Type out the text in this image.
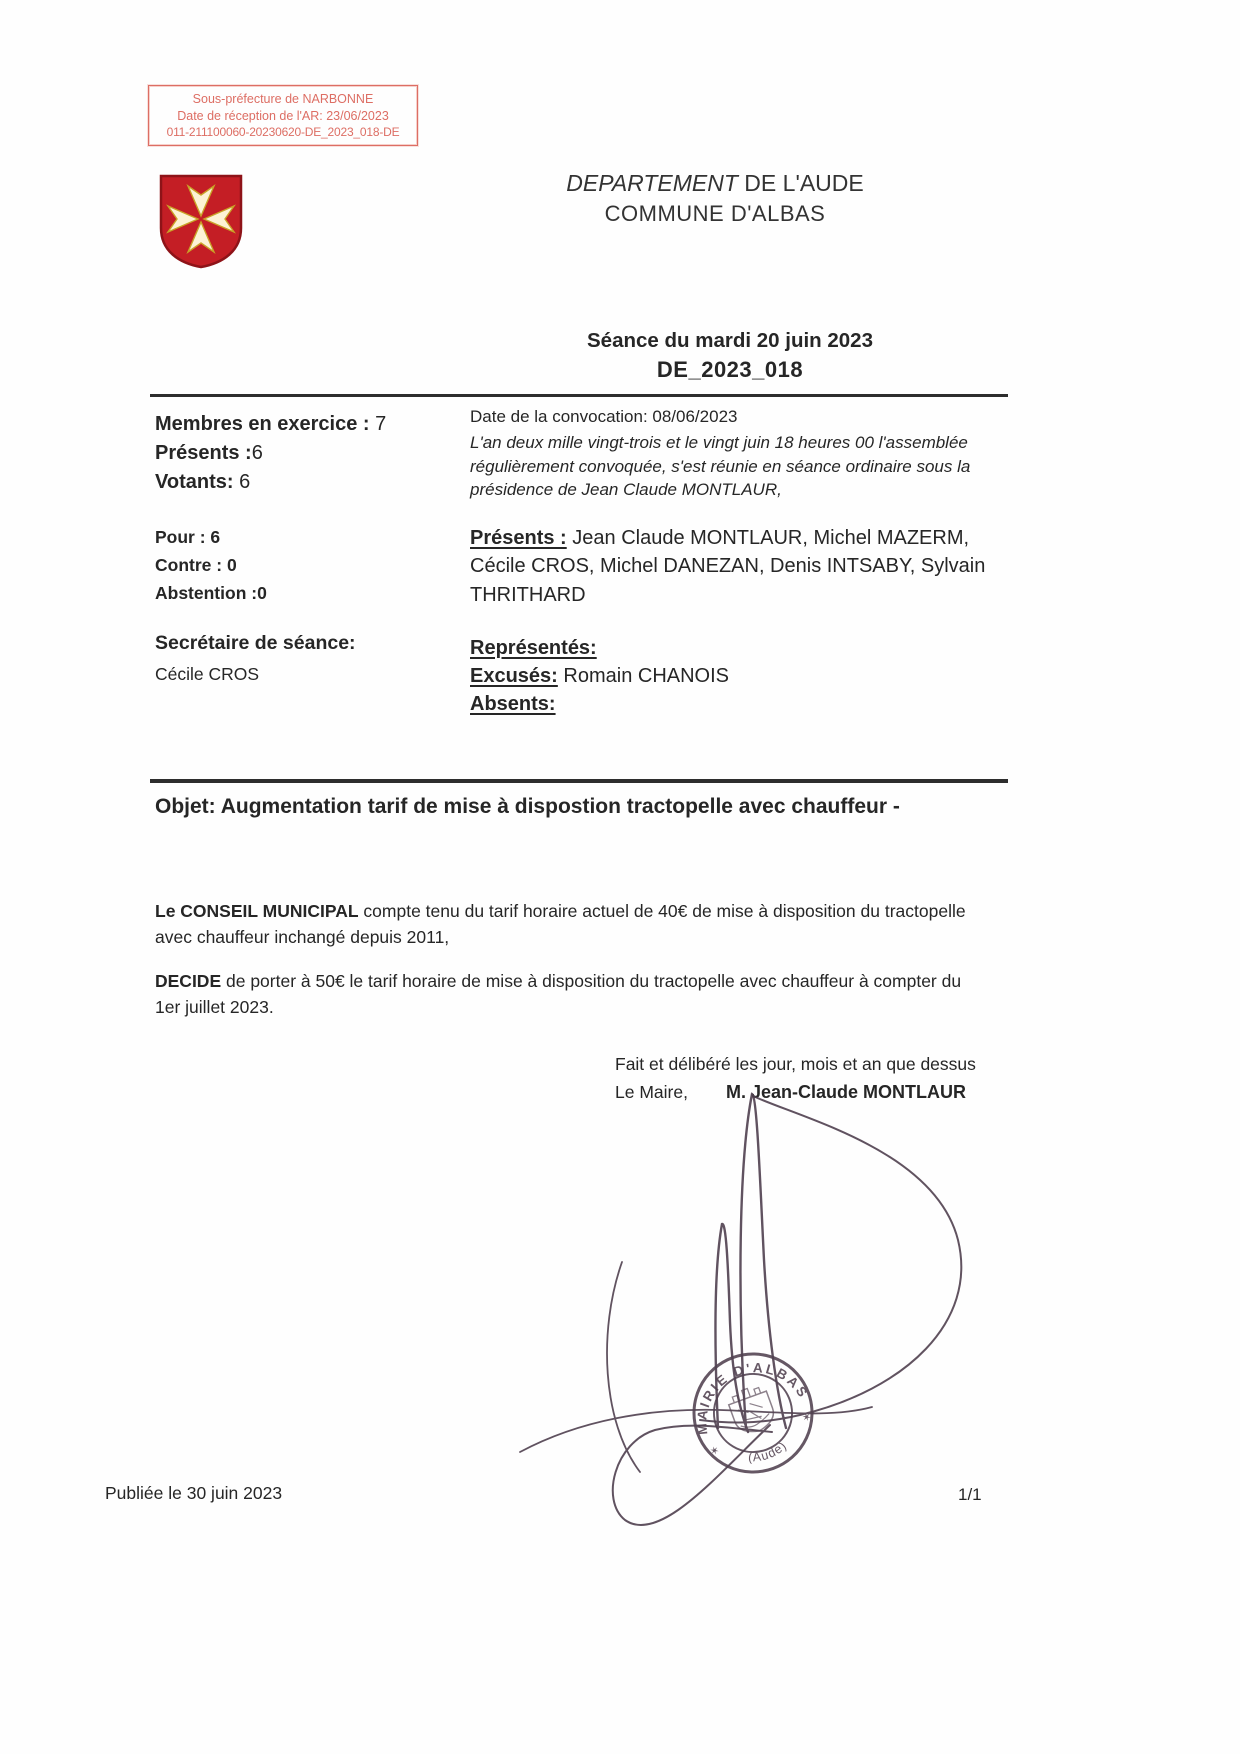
Sous-préfecture de NARBONNE
Date de réception de l'AR: 23/06/2023
011-211100060-20230620-DE_2023_018-DE
DEPARTEMENT DE L'AUDE
COMMUNE D'ALBAS
Séance du mardi 20 juin 2023
DE_2023_018
Membres en exercice : 7
Présents :6
Votants: 6
Pour : 6
Contre : 0
Abstention :0
Secrétaire de séance:
Cécile CROS
Date de la convocation: 08/06/2023
L'an deux mille vingt-trois et le vingt juin 18 heures 00 l'assemblée régulièrement convoquée, s'est réunie en séance ordinaire sous la présidence de Jean Claude MONTLAUR,
Présents : Jean Claude MONTLAUR, Michel MAZERM, Cécile CROS, Michel DANEZAN, Denis INTSABY, Sylvain THRITHARD
Représentés:
Excusés: Romain CHANOIS
Absents:
Objet: Augmentation tarif de mise à dispostion tractopelle avec chauffeur -
Le CONSEIL MUNICIPAL compte tenu du tarif horaire actuel de 40€ de mise à disposition du tractopelle avec chauffeur inchangé depuis 2011,
DECIDE de porter à 50€ le tarif horaire de mise à disposition du tractopelle avec chauffeur à compter du 1er juillet 2023.
Fait et délibéré les jour, mois et an que dessus
Le Maire, M. Jean-Claude MONTLAUR
MAIRIE D'ALBAS
(Aude)
✶
✶
Publiée le 30 juin 2023	1/1
